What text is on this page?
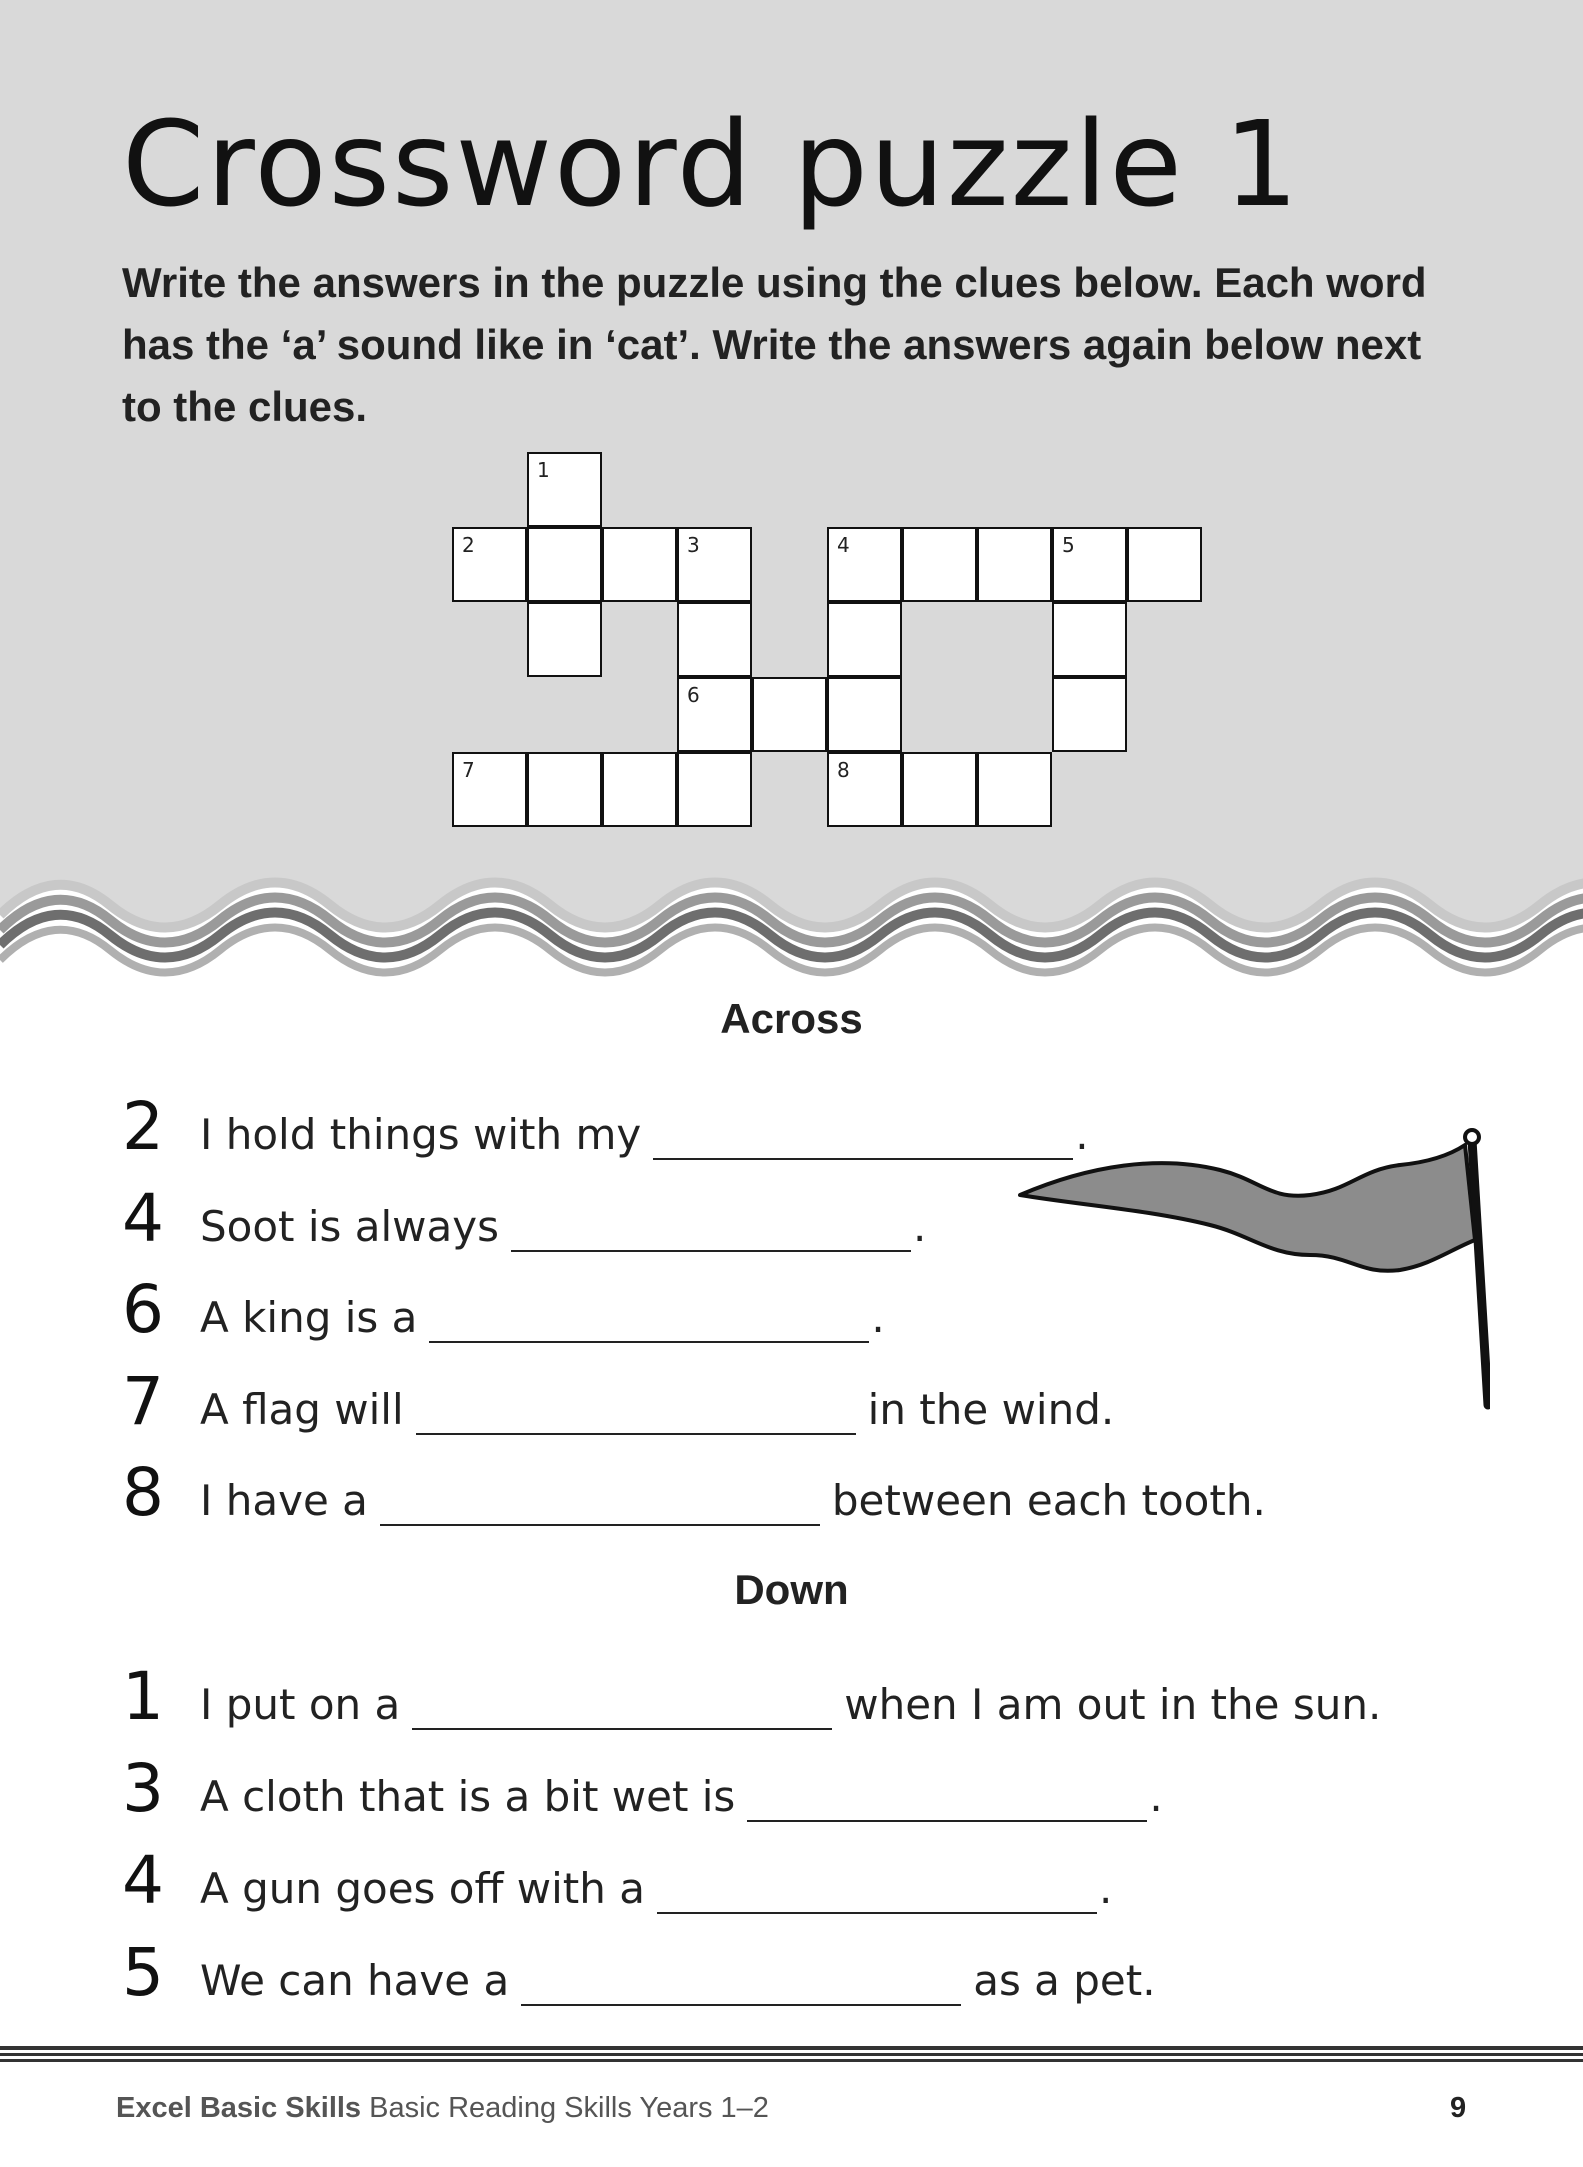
Crossword puzzle 1
Write the answers in the puzzle using the clues below. Each word has the ‘a’ sound like in ‘cat’. Write the answers again below next to the clues.
1
2	3	4	5
6
7	8
Across
2 I hold things with my	.
4 Soot is always	.
6 A king is a	.
7 A flag will	in the wind.
8 I have a	between each tooth.
Down
1 I put on a	when I am out in the sun.
3 A cloth that is a bit wet is	.
4 A gun goes off with a	.
5 We can have a	as a pet.
Excel Basic Skills Basic Reading Skills Years 1–2	9
